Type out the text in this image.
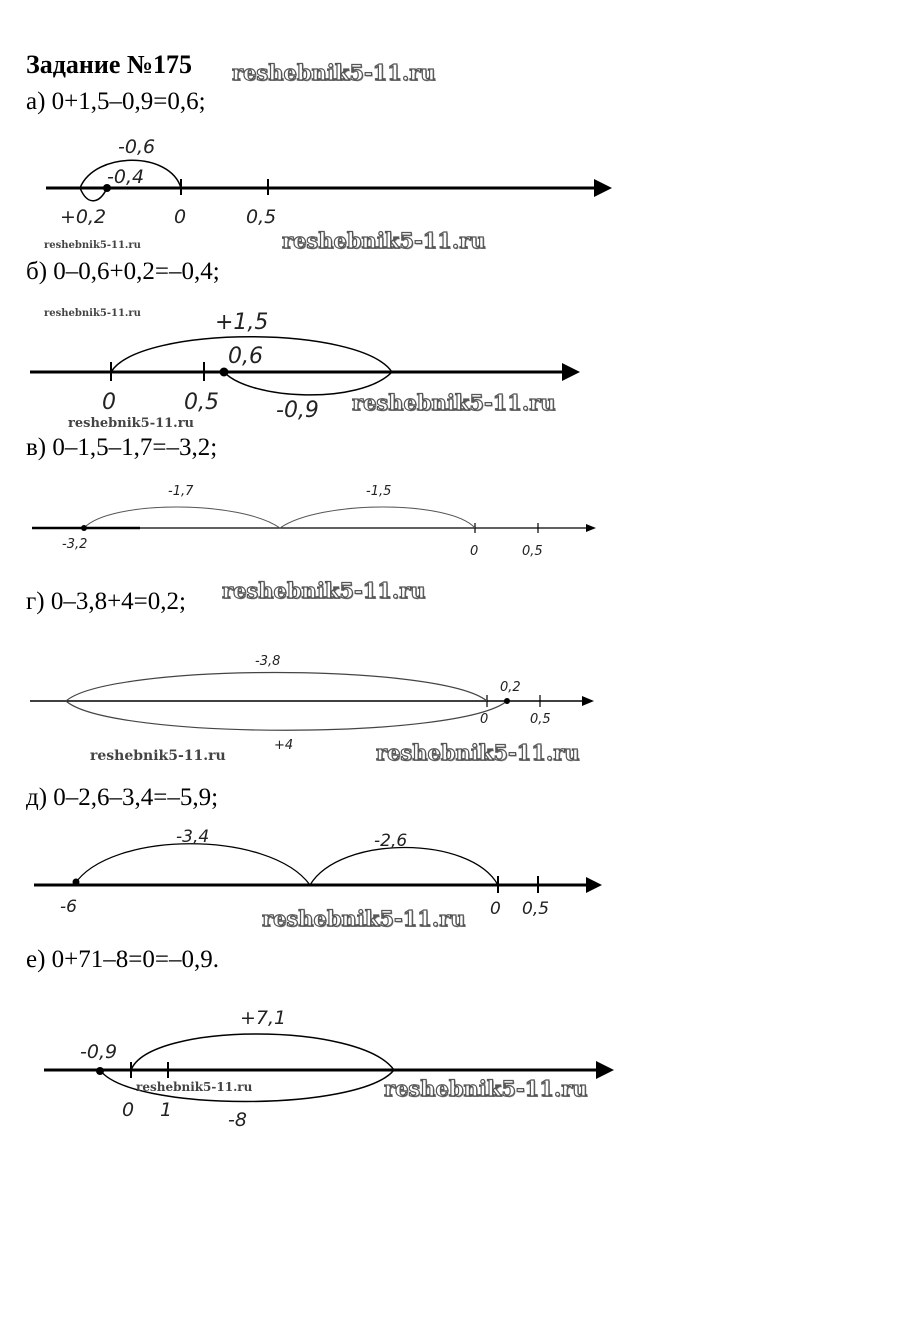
Задание №175 reshebnik5-11.ru
а) 0+1,5–0,9=0,6;
-0,6
-0,4
+0,2	0	0,5
reshebnik5-11.ru	reshebnik5-11.ru
б) 0–0,6+0,2=–0,4;
reshebnik5-11.ru	+1,5
0,6
0	0,5	-0,9 reshebnik5-11.ru
reshebnik5-11.ru
в) 0–1,5–1,7=–3,2;
-1,7	-1,5
-3,2	0	0,5
г) 0–3,8+4=0,2; reshebnik5-11.ru
-3,8
0,2
0	0,5
+4
reshebnik5-11.ru	reshebnik5-11.ru
д) 0–2,6–3,4=–5,9;
-3,4	-2,6
-6	0 0,5
reshebnik5-11.ru
е) 0+71–8=0=–0,9.
+7,1
-0,9
0 1	-8
reshebnik5-11.ru	reshebnik5-11.ru
